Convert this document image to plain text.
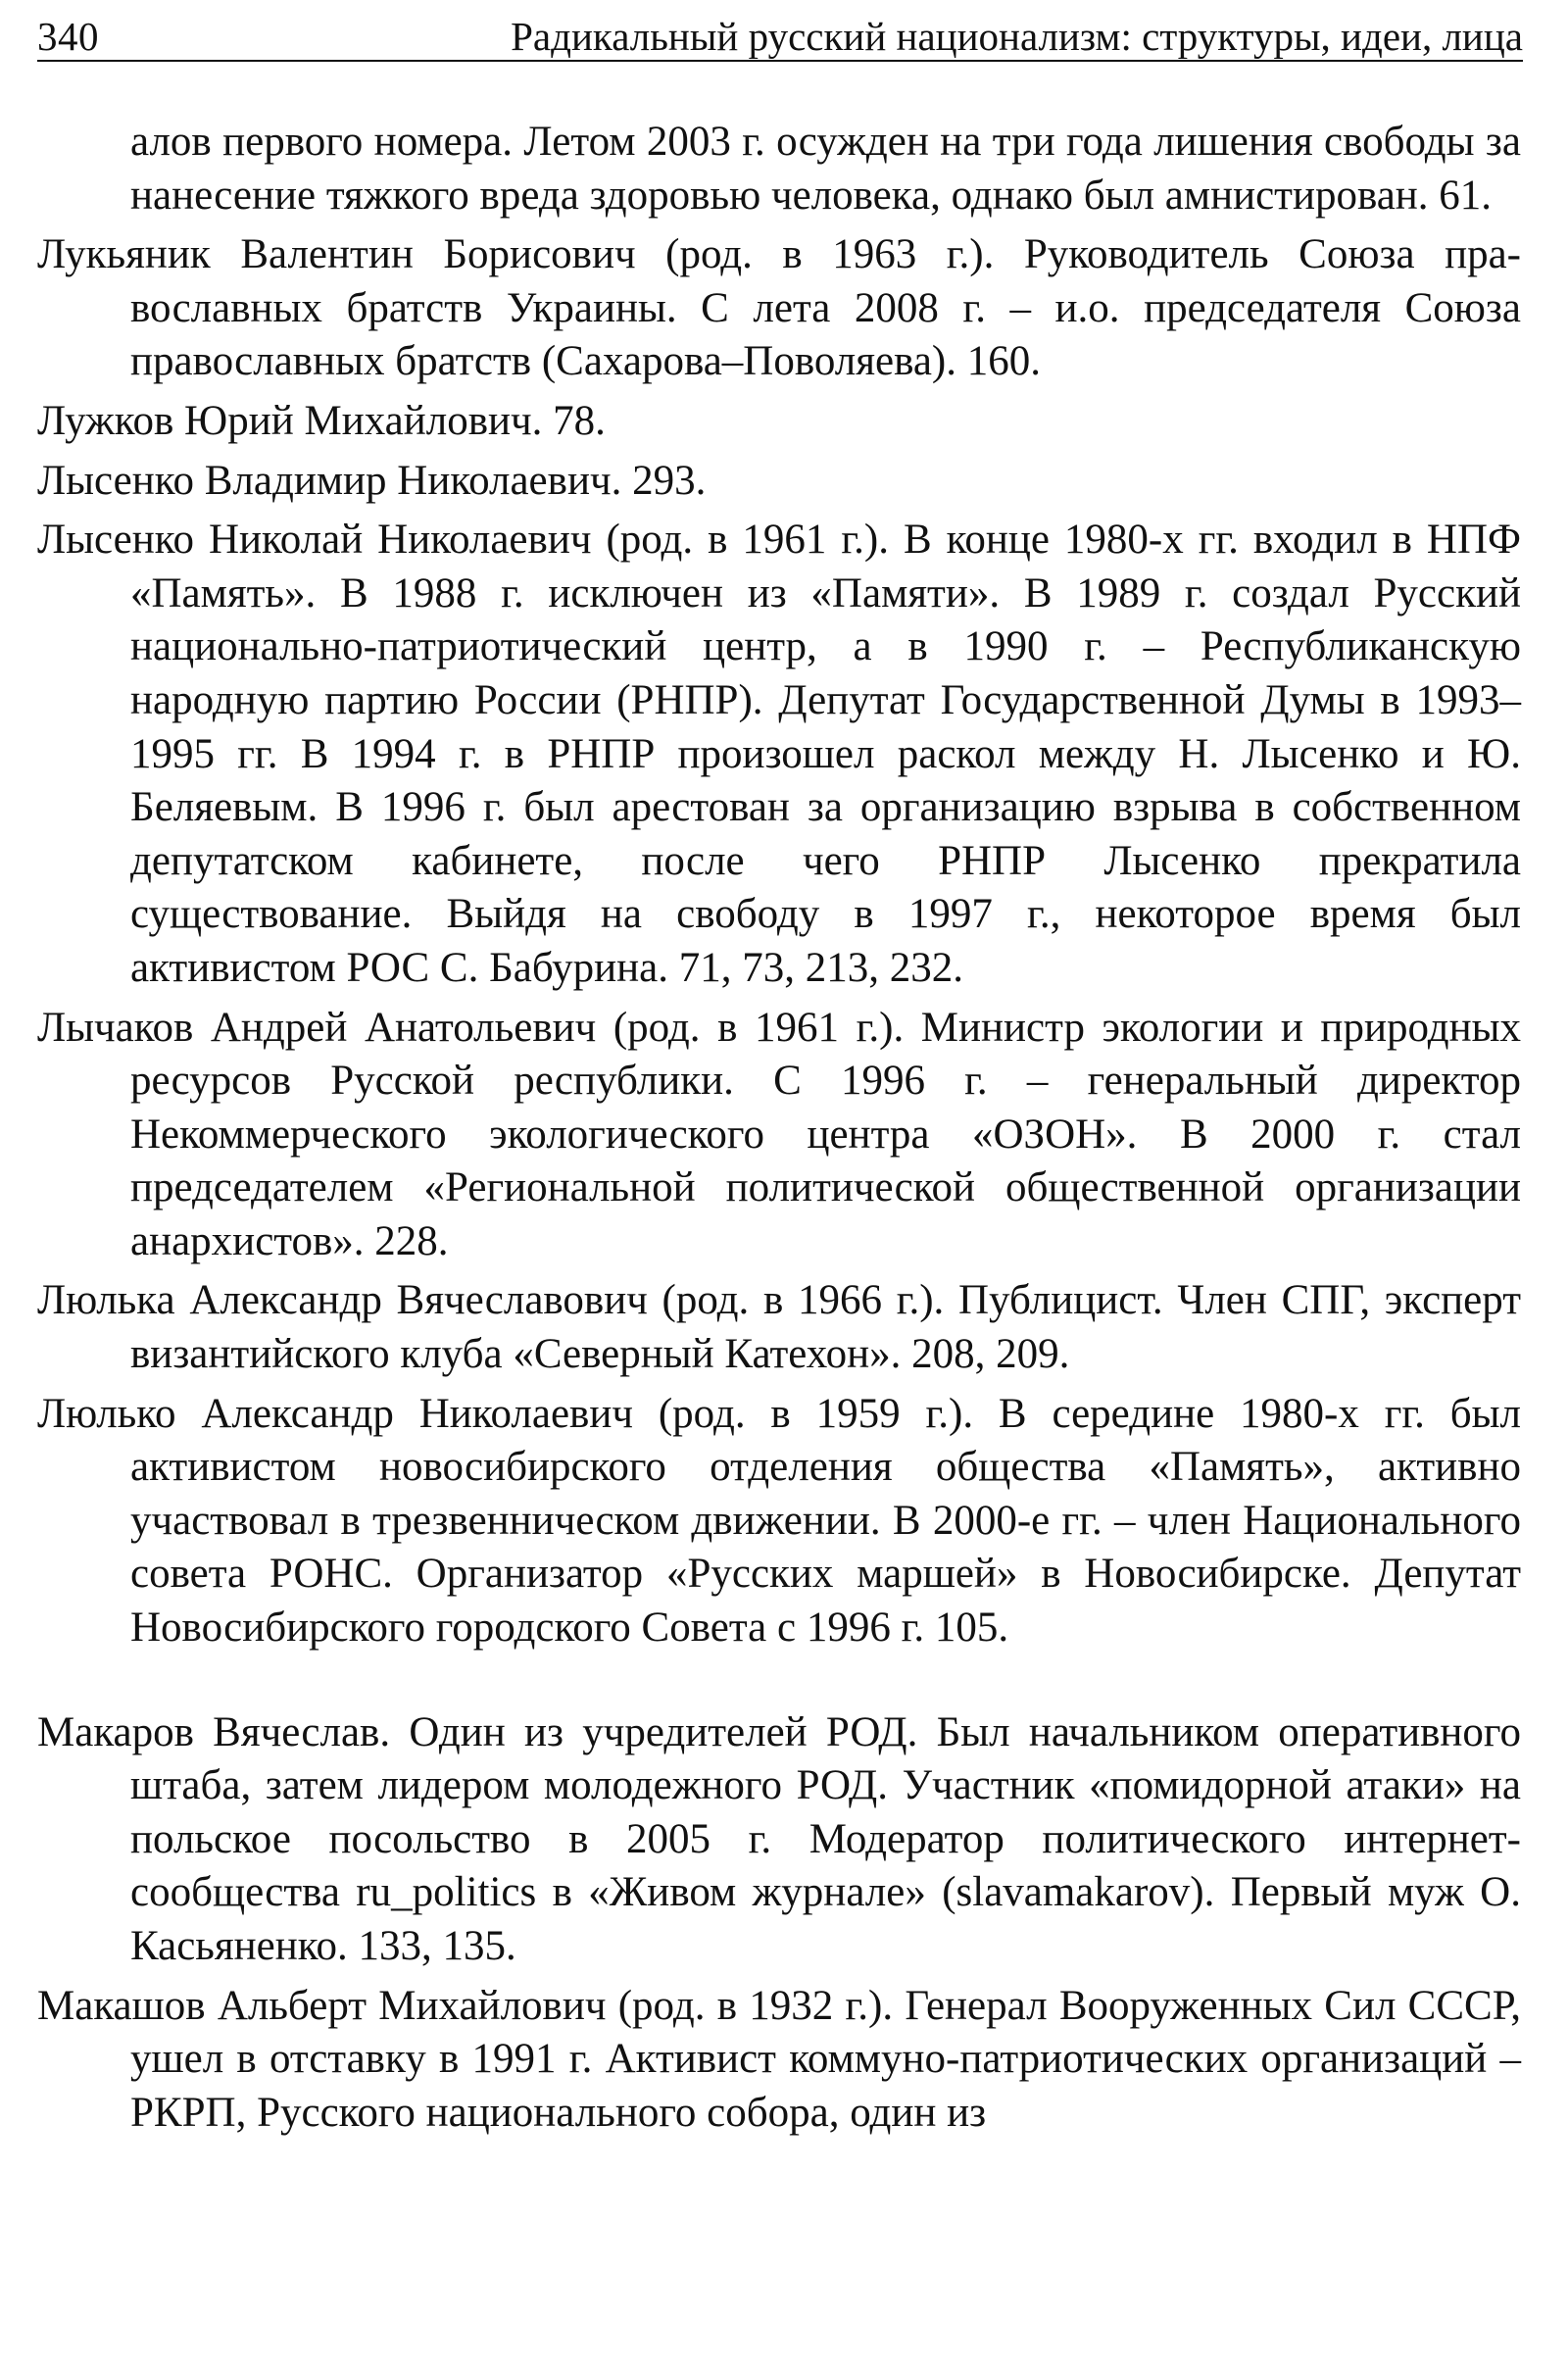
340	Радикальный русский национализм: структуры, идеи, лица

алов первого номера. Летом 2003 г. осужден на три года лишения свободы за нанесение тяжкого вреда здоровью человека, однако был амнистирован. 61.

Лукьяник Валентин Борисович (род. в 1963 г.). Руководитель Союза православных братств Украины. С лета 2008 г. – и.о. председателя Союза православных братств (Сахарова–Поволяева). 160.

Лужков Юрий Михайлович. 78.

Лысенко Владимир Николаевич. 293.

Лысенко Николай Николаевич (род. в 1961 г.). В конце 1980-х гг. входил в НПФ «Память». В 1988 г. исключен из «Памяти». В 1989 г. создал Русский национально-патриотический центр, а в 1990 г. – Республиканскую народную партию России (РНПР). Депутат Государственной Думы в 1993–1995 гг. В 1994 г. в РНПР произошел раскол между Н. Лысенко и Ю. Беляевым. В 1996 г. был арестован за организацию взрыва в собственном депутатском кабинете, после чего РНПР Лысенко прекратила существование. Выйдя на свободу в 1997 г., некоторое время был активистом РОС С. Бабурина. 71, 73, 213, 232.

Лычаков Андрей Анатольевич (род. в 1961 г.). Министр экологии и природных ресурсов Русской республики. С 1996 г. – генеральный директор Некоммерческого экологического центра «ОЗОН». В 2000 г. стал председателем «Региональной политической общественной организации анархистов». 228.

Люлька Александр Вячеславович (род. в 1966 г.). Публицист. Член СПГ, эксперт византийского клуба «Северный Катехон». 208, 209.

Люлько Александр Николаевич (род. в 1959 г.). В середине 1980-х гг. был активистом новосибирского отделения общества «Память», активно участвовал в трезвенническом движении. В 2000-е гг. – член Национального совета РОНС. Организатор «Русских маршей» в Новосибирске. Депутат Новосибирского городского Совета с 1996 г. 105.

Макаров Вячеслав. Один из учредителей РОД. Был начальником оперативного штаба, затем лидером молодежного РОД. Участник «помидорной атаки» на польское посольство в 2005 г. Модератор политического интернет-сообщества ru_politics в «Живом журнале» (slavamakarov). Первый муж О. Касьяненко. 133, 135.

Макашов Альберт Михайлович (род. в 1932 г.). Генерал Вооруженных Сил СССР, ушел в отставку в 1991 г. Активист коммуно-патриотических организаций – РКРП, Русского национального собора, один из
